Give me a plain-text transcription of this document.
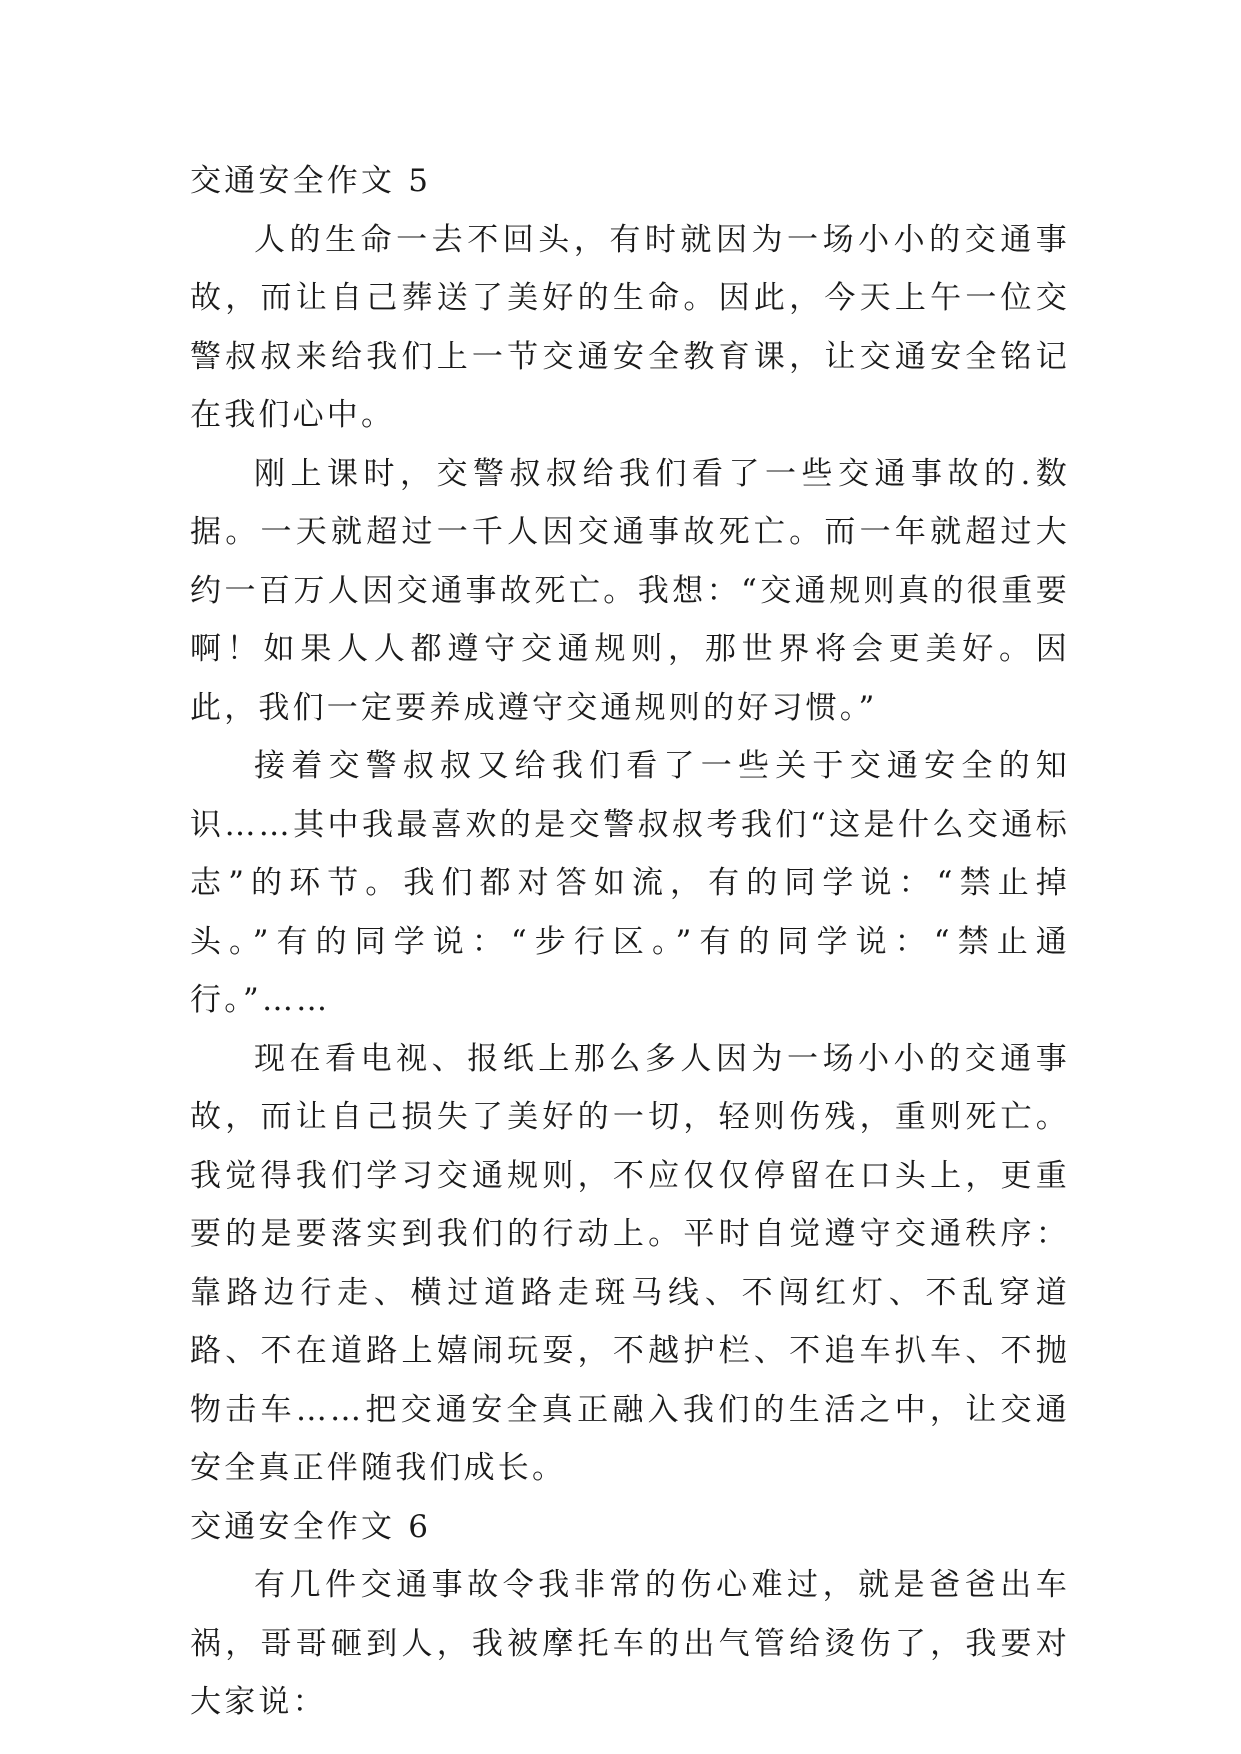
交通安全作文 5

人的生命一去不回头，有时就因为一场小小的交通事故，而让自己葬送了美好的生命。因此，今天上午一位交警叔叔来给我们上一节交通安全教育课，让交通安全铭记在我们心中。

刚上课时，交警叔叔给我们看了一些交通事故的.数据。一天就超过一千人因交通事故死亡。而一年就超过大约一百万人因交通事故死亡。我想：“交通规则真的很重要啊！如果人人都遵守交通规则，那世界将会更美好。因此，我们一定要养成遵守交通规则的好习惯。”

接着交警叔叔又给我们看了一些关于交通安全的知识……其中我最喜欢的是交警叔叔考我们“这是什么交通标志”的环节。我们都对答如流，有的同学说：“禁止掉头。”有的同学说：“步行区。”有的同学说：“禁止通行。”……

现在看电视、报纸上那么多人因为一场小小的交通事故，而让自己损失了美好的一切，轻则伤残，重则死亡。我觉得我们学习交通规则，不应仅仅停留在口头上，更重要的是要落实到我们的行动上。平时自觉遵守交通秩序：靠路边行走、横过道路走斑马线、不闯红灯、不乱穿道路、不在道路上嬉闹玩耍，不越护栏、不追车扒车、不抛物击车……把交通安全真正融入我们的生活之中，让交通安全真正伴随我们成长。

交通安全作文 6

有几件交通事故令我非常的伤心难过，就是爸爸出车祸，哥哥砸到人，我被摩托车的出气管给烫伤了，我要对大家说：
